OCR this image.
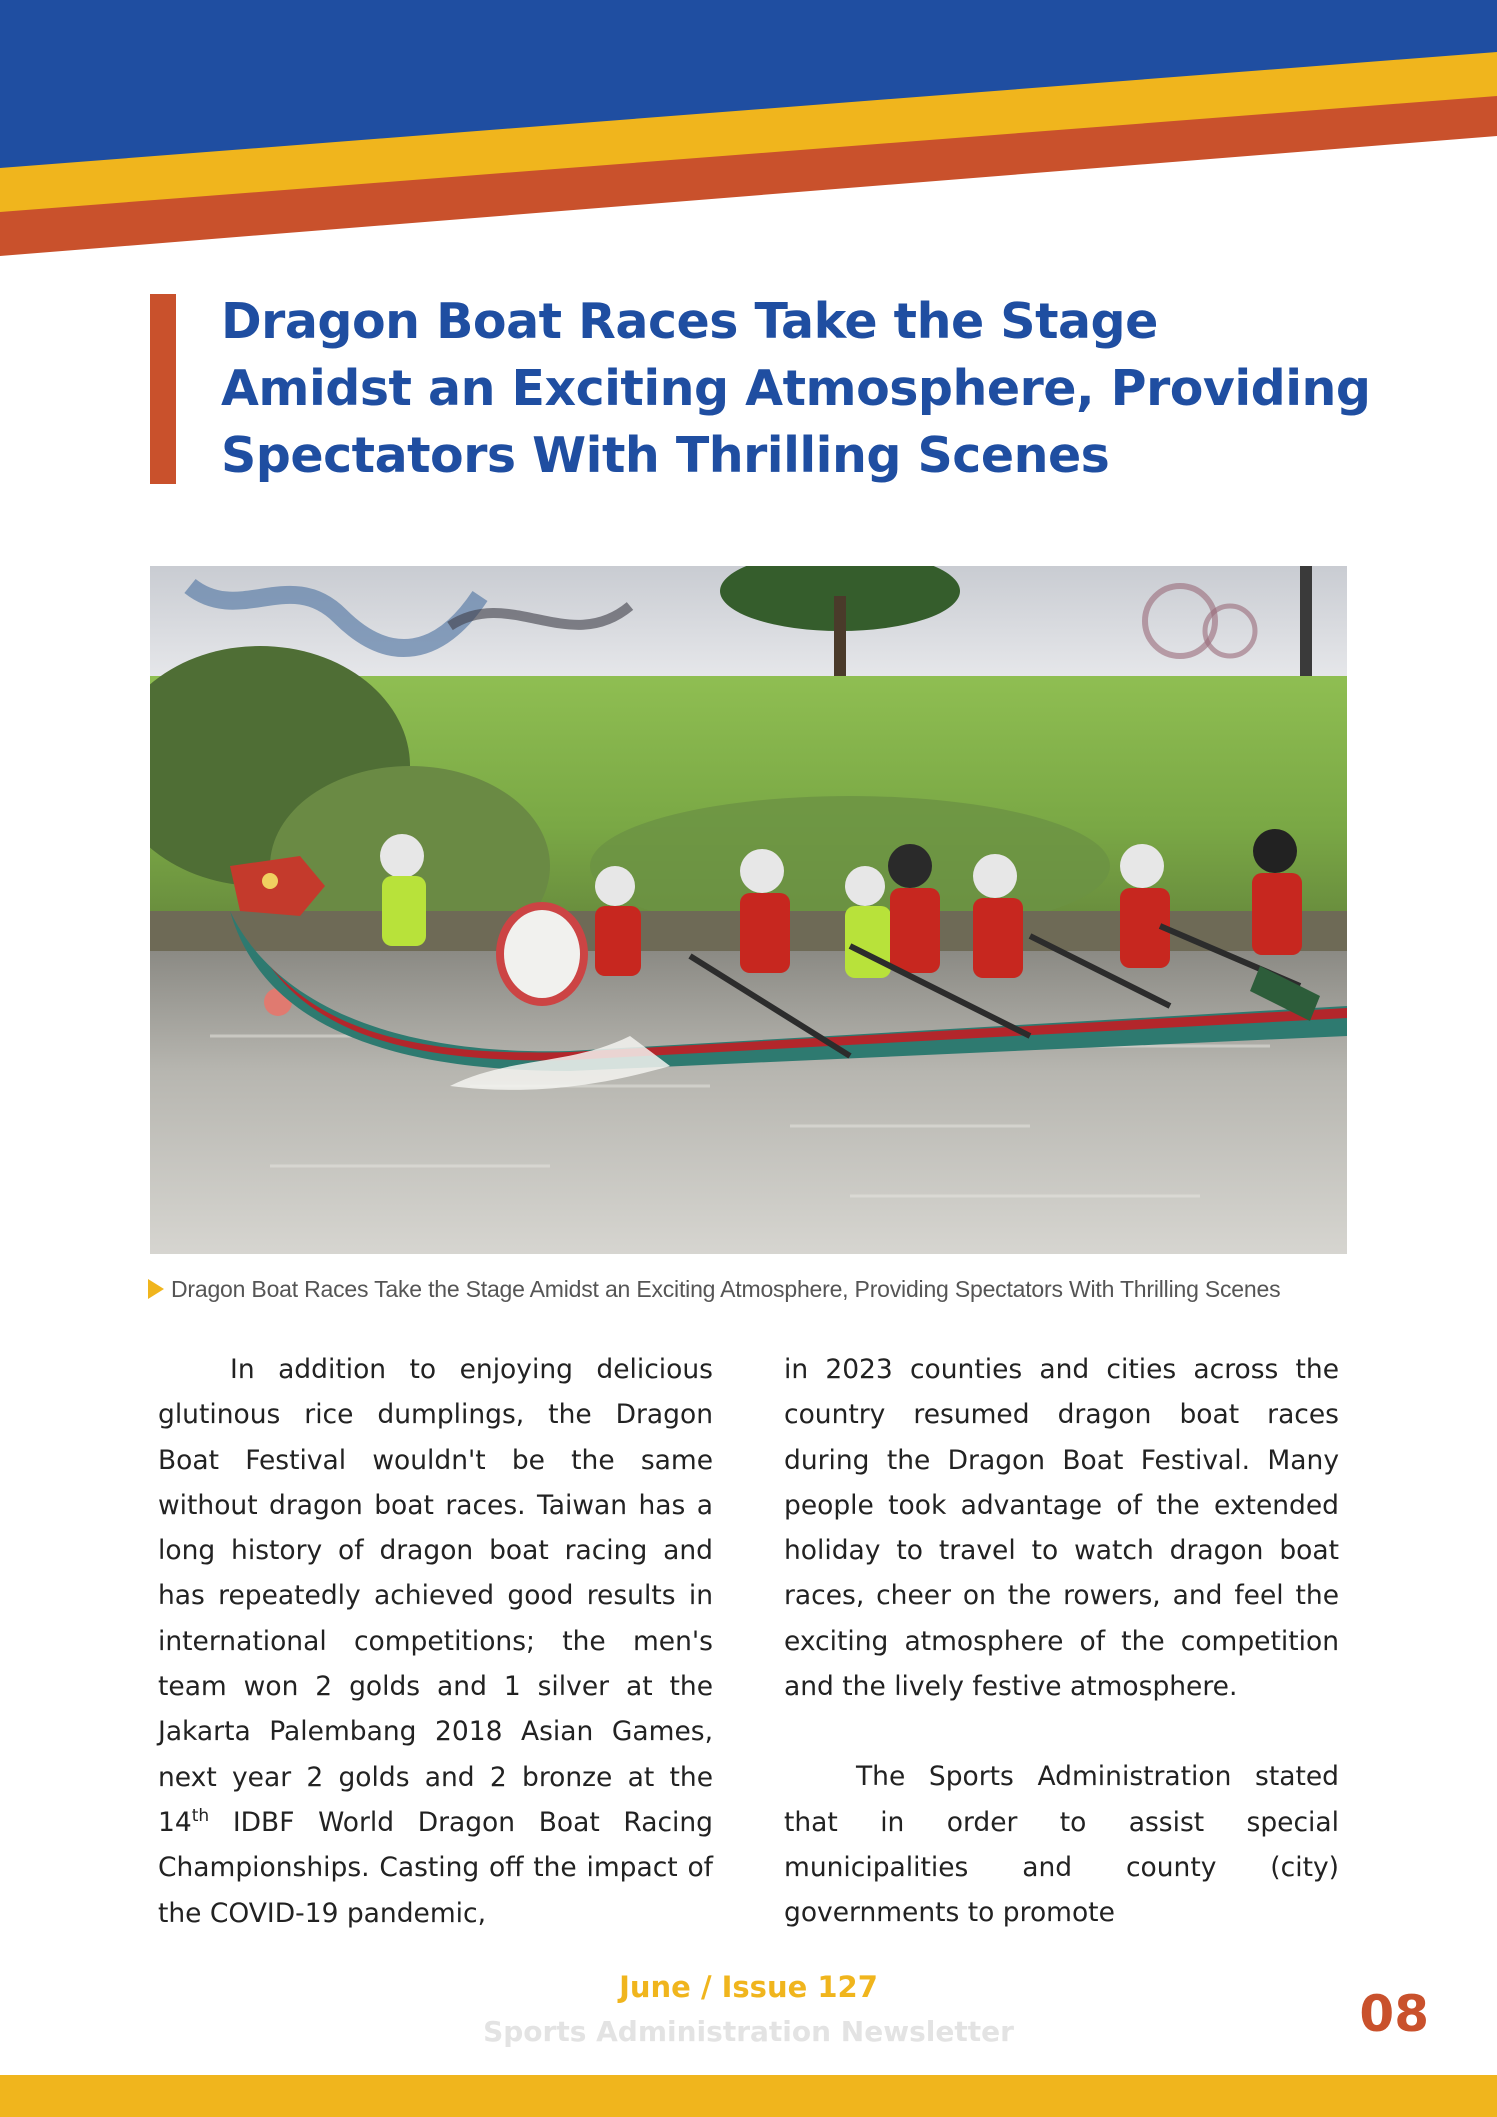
Dragon Boat Races Take the Stage
Amidst an Exciting Atmosphere, Providing
Spectators With Thrilling Scenes
Dragon Boat Races Take the Stage Amidst an Exciting Atmosphere, Providing Spectators With Thrilling Scenes

In addition to enjoying delicious glutinous rice dumplings, the Dragon Boat Festival wouldn't be the same without dragon boat races. Taiwan has a long history of dragon boat racing and has repeatedly achieved good results in international competitions; the men's team won 2 golds and 1 silver at the Jakarta Palembang 2018 Asian Games, next year 2 golds and 2 bronze at the 14th IDBF World Dragon Boat Racing Championships. Casting off the impact of the COVID-19 pandemic,

in 2023 counties and cities across the country resumed dragon boat races during the Dragon Boat Festival. Many people took advantage of the extended holiday to travel to watch dragon boat races, cheer on the rowers, and feel the exciting atmosphere of the competition and the lively festive atmosphere.

The Sports Administration stated that in order to assist special municipalities and county (city) governments to promote

June / Issue 127
Sports Administration Newsletter	08
